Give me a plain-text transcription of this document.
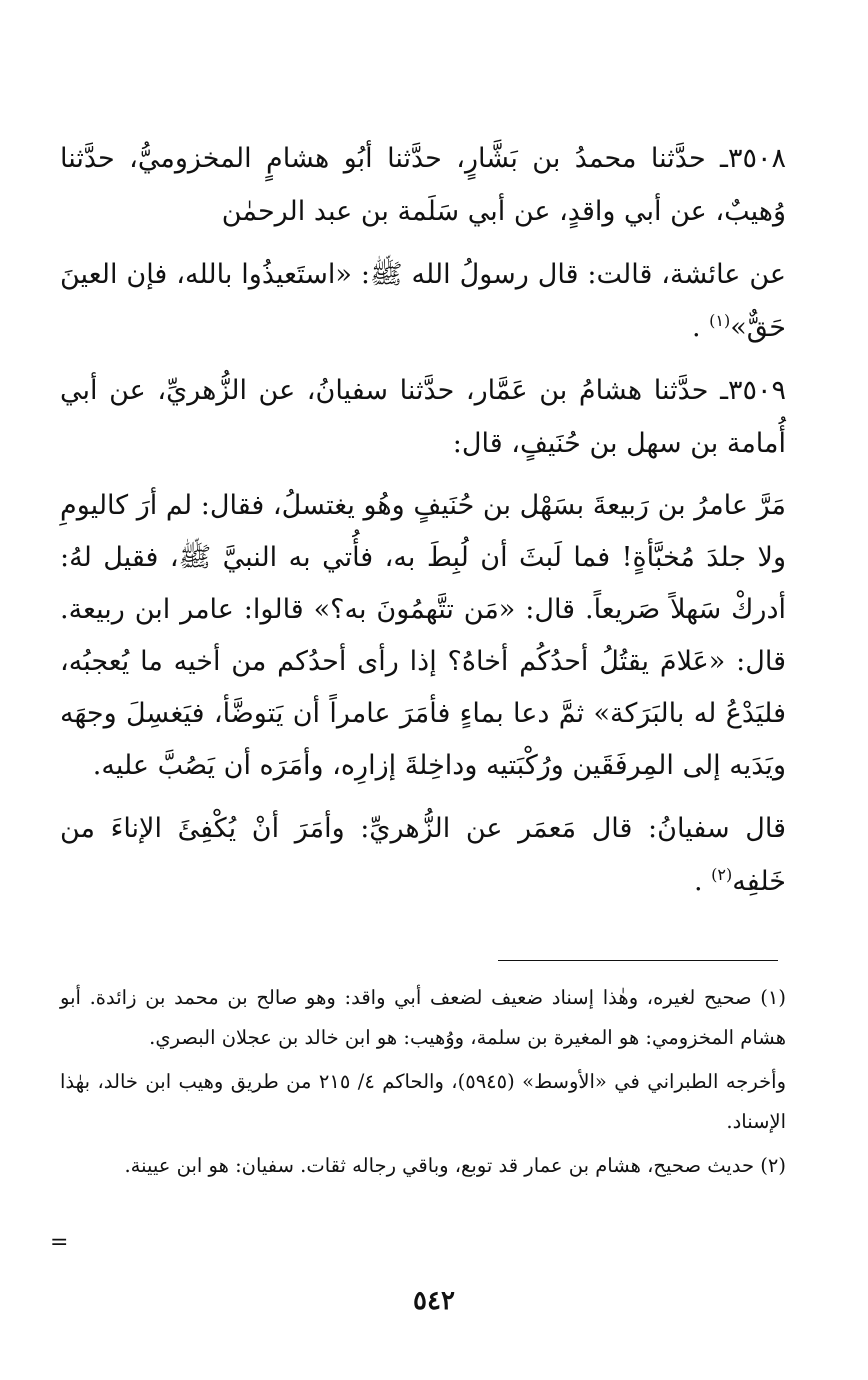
٣٥٠٨ـ حدَّثنا محمدُ بن بَشَّارٍ، حدَّثنا أبُو هشامٍ المخزوميُّ، حدَّثنا وُهيبٌ، عن أبي واقدٍ، عن أبي سَلَمة بن عبد الرحمٰن

عن عائشة، قالت: قال رسولُ الله ﷺ: «استَعيذُوا بالله، فإن العينَ حَقٌّ»$^{(١)}$ .

٣٥٠٩ـ حدَّثنا هشامُ بن عَمَّار، حدَّثنا سفيانُ، عن الزُّهريِّ، عن أبي أُمامة بن سهل بن حُنَيفٍ، قال:

مَرَّ عامرُ بن رَبيعةَ بسَهْل بن حُنَيفٍ وهُو يغتسلُ، فقال: لم أرَ كاليومِ ولا جلدَ مُخبَّأةٍ! فما لَبثَ أن لُبِطَ به، فأُتي به النبيَّ ﷺ، فقيل لهُ: أدركْ سَهلاً صَريعاً. قال: «مَن تتَّهمُونَ به؟» قالوا: عامر ابن ربيعة. قال: «عَلامَ يقتُلُ أحدُكُم أخاهُ؟ إذا رأى أحدُكم من أخيه ما يُعجبُه، فليَدْعُ له بالبَرَكة» ثمَّ دعا بماءٍ فأمَرَ عامراً أن يَتوضَّأ، فيَغسِلَ وجهَه ويَدَيه إلى المِرفَقَين ورُكْبَتيه وداخِلةَ إزارِه، وأمَرَه أن يَصُبَّ عليه.

قال سفيانُ: قال مَعمَر عن الزُّهريِّ: وأمَرَ أنْ يُكْفِئَ الإناءَ من خَلفِه$^{(٢)}$ .

(١) صحيح لغيره، وهٰذا إسناد ضعيف لضعف أبي واقد: وهو صالح بن محمد بن زائدة. أبو هشام المخزومي: هو المغيرة بن سلمة، ووُهيب: هو ابن خالد بن عجلان البصري.

وأخرجه الطبراني في «الأوسط» (٥٩٤٥)، والحاكم ٤/ ٢١٥ من طريق وهيب ابن خالد، بهٰذا الإسناد.

(٢) حديث صحيح، هشام بن عمار قد توبع، وباقي رجاله ثقات. سفيان: هو ابن عيينة.

=
٥٤٢
